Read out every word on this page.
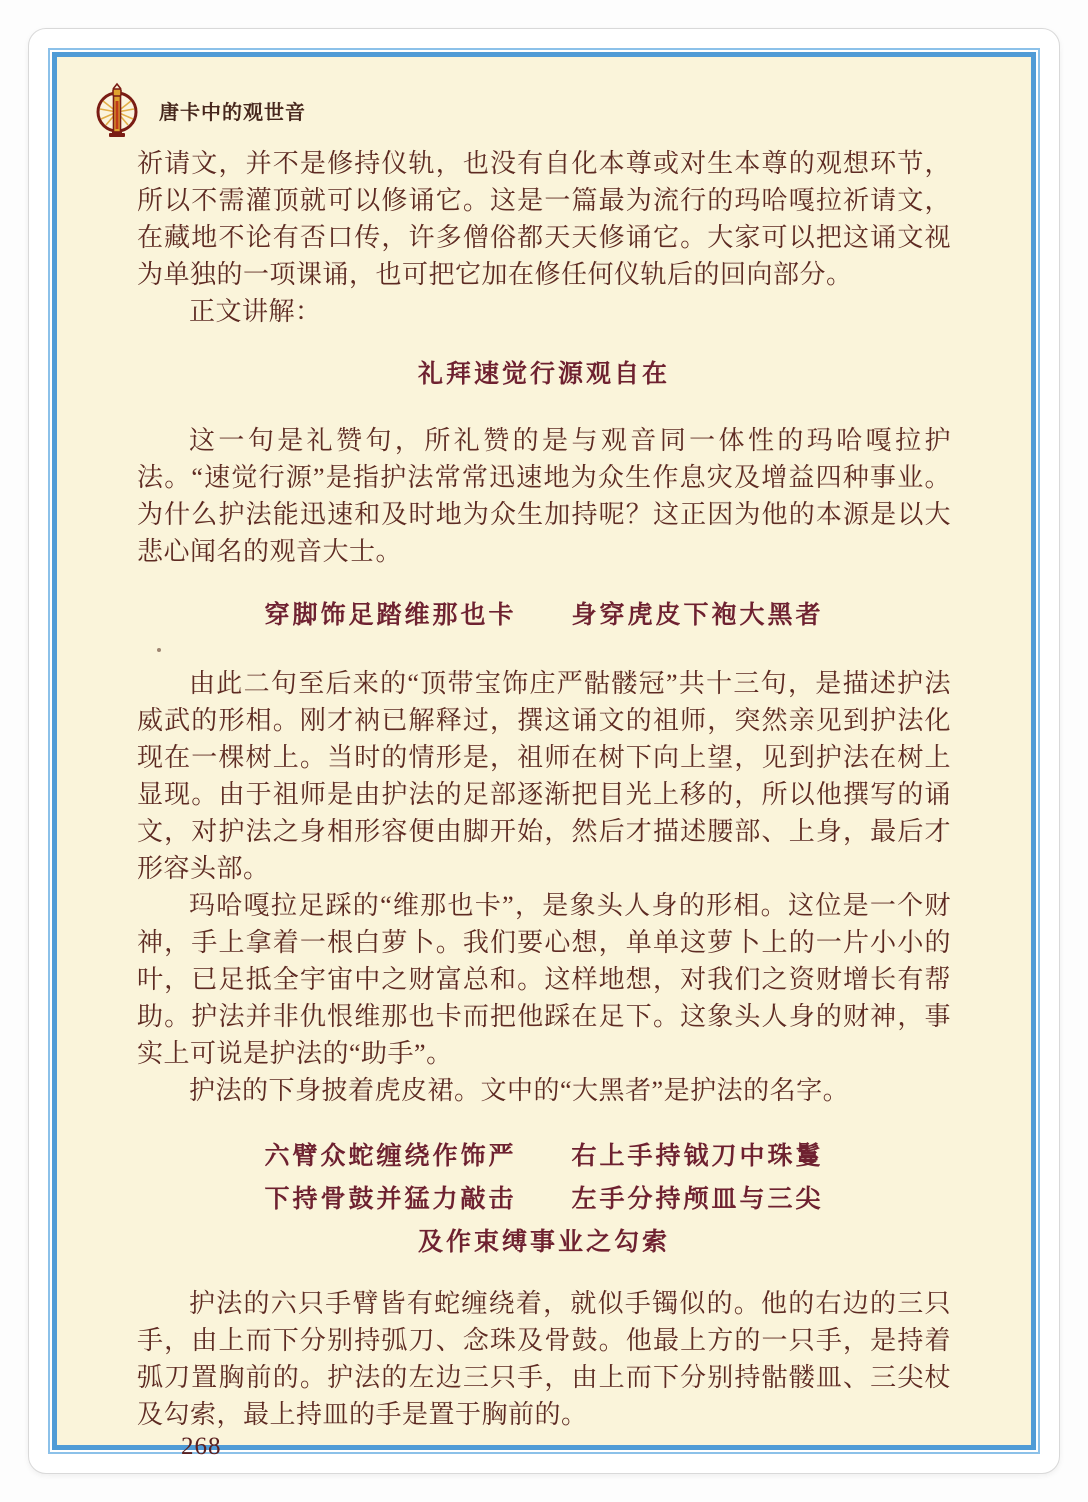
唐卡中的观世音

祈请文，并不是修持仪轨，也没有自化本尊或对生本尊的观想环节，所以不需灌顶就可以修诵它。这是一篇最为流行的玛哈嘎拉祈请文，在藏地不论有否口传，许多僧俗都天天修诵它。大家可以把这诵文视为单独的一项课诵，也可把它加在修任何仪轨后的回向部分。

正文讲解：

礼拜速觉行源观自在

这一句是礼赞句，所礼赞的是与观音同一体性的玛哈嘎拉护法。“速觉行源”是指护法常常迅速地为众生作息灾及增益四种事业。为什么护法能迅速和及时地为众生加持呢？这正因为他的本源是以大悲心闻名的观音大士。

穿脚饰足踏维那也卡 身穿虎皮下袍大黑者

由此二句至后来的“顶带宝饰庄严骷髅冠”共十三句，是描述护法威武的形相。刚才衲已解释过，撰这诵文的祖师，突然亲见到护法化现在一棵树上。当时的情形是，祖师在树下向上望，见到护法在树上显现。由于祖师是由护法的足部逐渐把目光上移的，所以他撰写的诵文，对护法之身相形容便由脚开始，然后才描述腰部、上身，最后才形容头部。

玛哈嘎拉足踩的“维那也卡”，是象头人身的形相。这位是一个财神，手上拿着一根白萝卜。我们要心想，单单这萝卜上的一片小小的叶，已足抵全宇宙中之财富总和。这样地想，对我们之资财增长有帮助。护法并非仇恨维那也卡而把他踩在足下。这象头人身的财神，事实上可说是护法的“助手”。

护法的下身披着虎皮裙。文中的“大黑者”是护法的名字。

六臂众蛇缠绕作饰严 右上手持钺刀中珠鬘
下持骨鼓并猛力敲击 左手分持颅皿与三尖
及作束缚事业之勾索

护法的六只手臂皆有蛇缠绕着，就似手镯似的。他的右边的三只手，由上而下分别持弧刀、念珠及骨鼓。他最上方的一只手，是持着弧刀置胸前的。护法的左边三只手，由上而下分别持骷髅皿、三尖杖及勾索，最上持皿的手是置于胸前的。

268
